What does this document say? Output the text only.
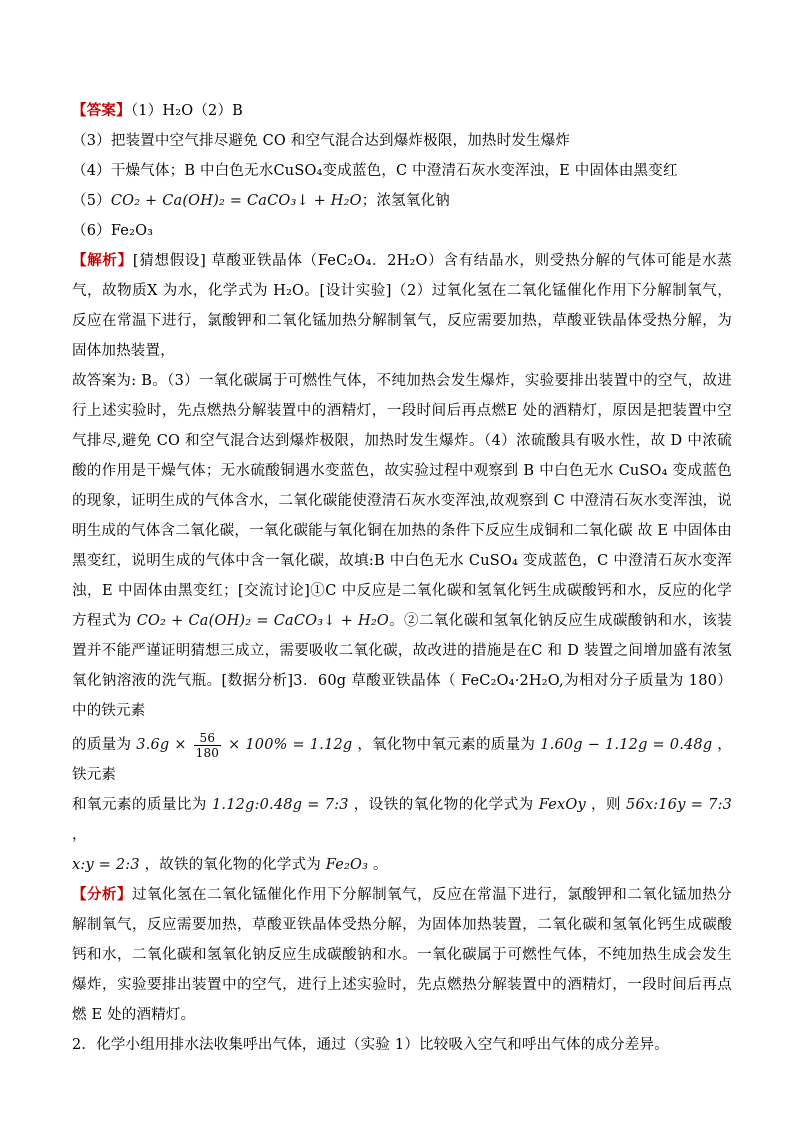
【答案】（1）H₂O（2）B
（3）把装置中空气排尽避免 CO 和空气混合达到爆炸极限，加热时发生爆炸
（4）干燥气体；B 中白色无水CuSO₄变成蓝色，C 中澄清石灰水变浑浊，E 中固体由黑变红
（5）CO₂ + Ca(OH)₂ = CaCO₃↓ + H₂O；浓氢氧化钠
（6）Fe₂O₃
【解析】[猜想假设] 草酸亚铁晶体（FeC₂O₄．2H₂O）含有结晶水，则受热分解的气体可能是水蒸气，故物质X 为水，化学式为 H₂O。[设计实验]（2）过氧化氢在二氧化锰催化作用下分解制氧气，反应在常温下进行，氯酸钾和二氧化锰加热分解制氧气，反应需要加热，草酸亚铁晶体受热分解，为固体加热装置，
故答案为: B。（3）一氧化碳属于可燃性气体，不纯加热会发生爆炸，实验要排出装置中的空气，故进行上述实验时，先点燃热分解装置中的酒精灯，一段时间后再点燃E 处的酒精灯，原因是把装置中空气排尽,避免 CO 和空气混合达到爆炸极限，加热时发生爆炸。（4）浓硫酸具有吸水性，故 D 中浓硫酸的作用是干燥气体；无水硫酸铜遇水变蓝色，故实验过程中观察到 B 中白色无水 CuSO₄ 变成蓝色的现象，证明生成的气体含水，二氧化碳能使澄清石灰水变浑浊,故观察到 C 中澄清石灰水变浑浊，说明生成的气体含二氧化碳，一氧化碳能与氧化铜在加热的条件下反应生成铜和二氧化碳 故 E 中固体由黑变红，说明生成的气体中含一氧化碳，故填:B 中白色无水 CuSO₄ 变成蓝色，C 中澄清石灰水变浑浊，E 中固体由黑变红；[交流讨论]①C 中反应是二氧化碳和氢氧化钙生成碳酸钙和水，反应的化学方程式为 CO₂ + Ca(OH)₂ = CaCO₃↓ + H₂O。②二氧化碳和氢氧化钠反应生成碳酸钠和水，该装置并不能严谨证明猜想三成立，需要吸收二氧化碳，故改进的措施是在C 和 D 装置之间增加盛有浓氢氧化钠溶液的洗气瓶。[数据分析]3．60g 草酸亚铁晶体（ FeC₂O₄·2H₂O,为相对分子质量为 180）中的铁元素
的质量为 $3.6g \times \frac{56}{180} \times 100\% = 1.12g$ ，氧化物中氧元素的质量为 1.60g − 1.12g = 0.48g ，铁元素
和氧元素的质量比为 1.12g:0.48g = 7:3 ，设铁的氧化物的化学式为 FexOy ，则 56x:16y = 7:3 ，
x:y = 2:3 ，故铁的氧化物的化学式为 Fe₂O₃ 。
【分析】过氧化氢在二氧化锰催化作用下分解制氧气，反应在常温下进行，氯酸钾和二氧化锰加热分解制氧气，反应需要加热，草酸亚铁晶体受热分解，为固体加热装置，二氧化碳和氢氧化钙生成碳酸钙和水，二氧化碳和氢氧化钠反应生成碳酸钠和水。一氧化碳属于可燃性气体，不纯加热生成会发生爆炸，实验要排出装置中的空气，进行上述实验时，先点燃热分解装置中的酒精灯，一段时间后再点燃 E 处的酒精灯。
2．化学小组用排水法收集呼出气体，通过（实验 1）比较吸入空气和呼出气体的成分差异。
